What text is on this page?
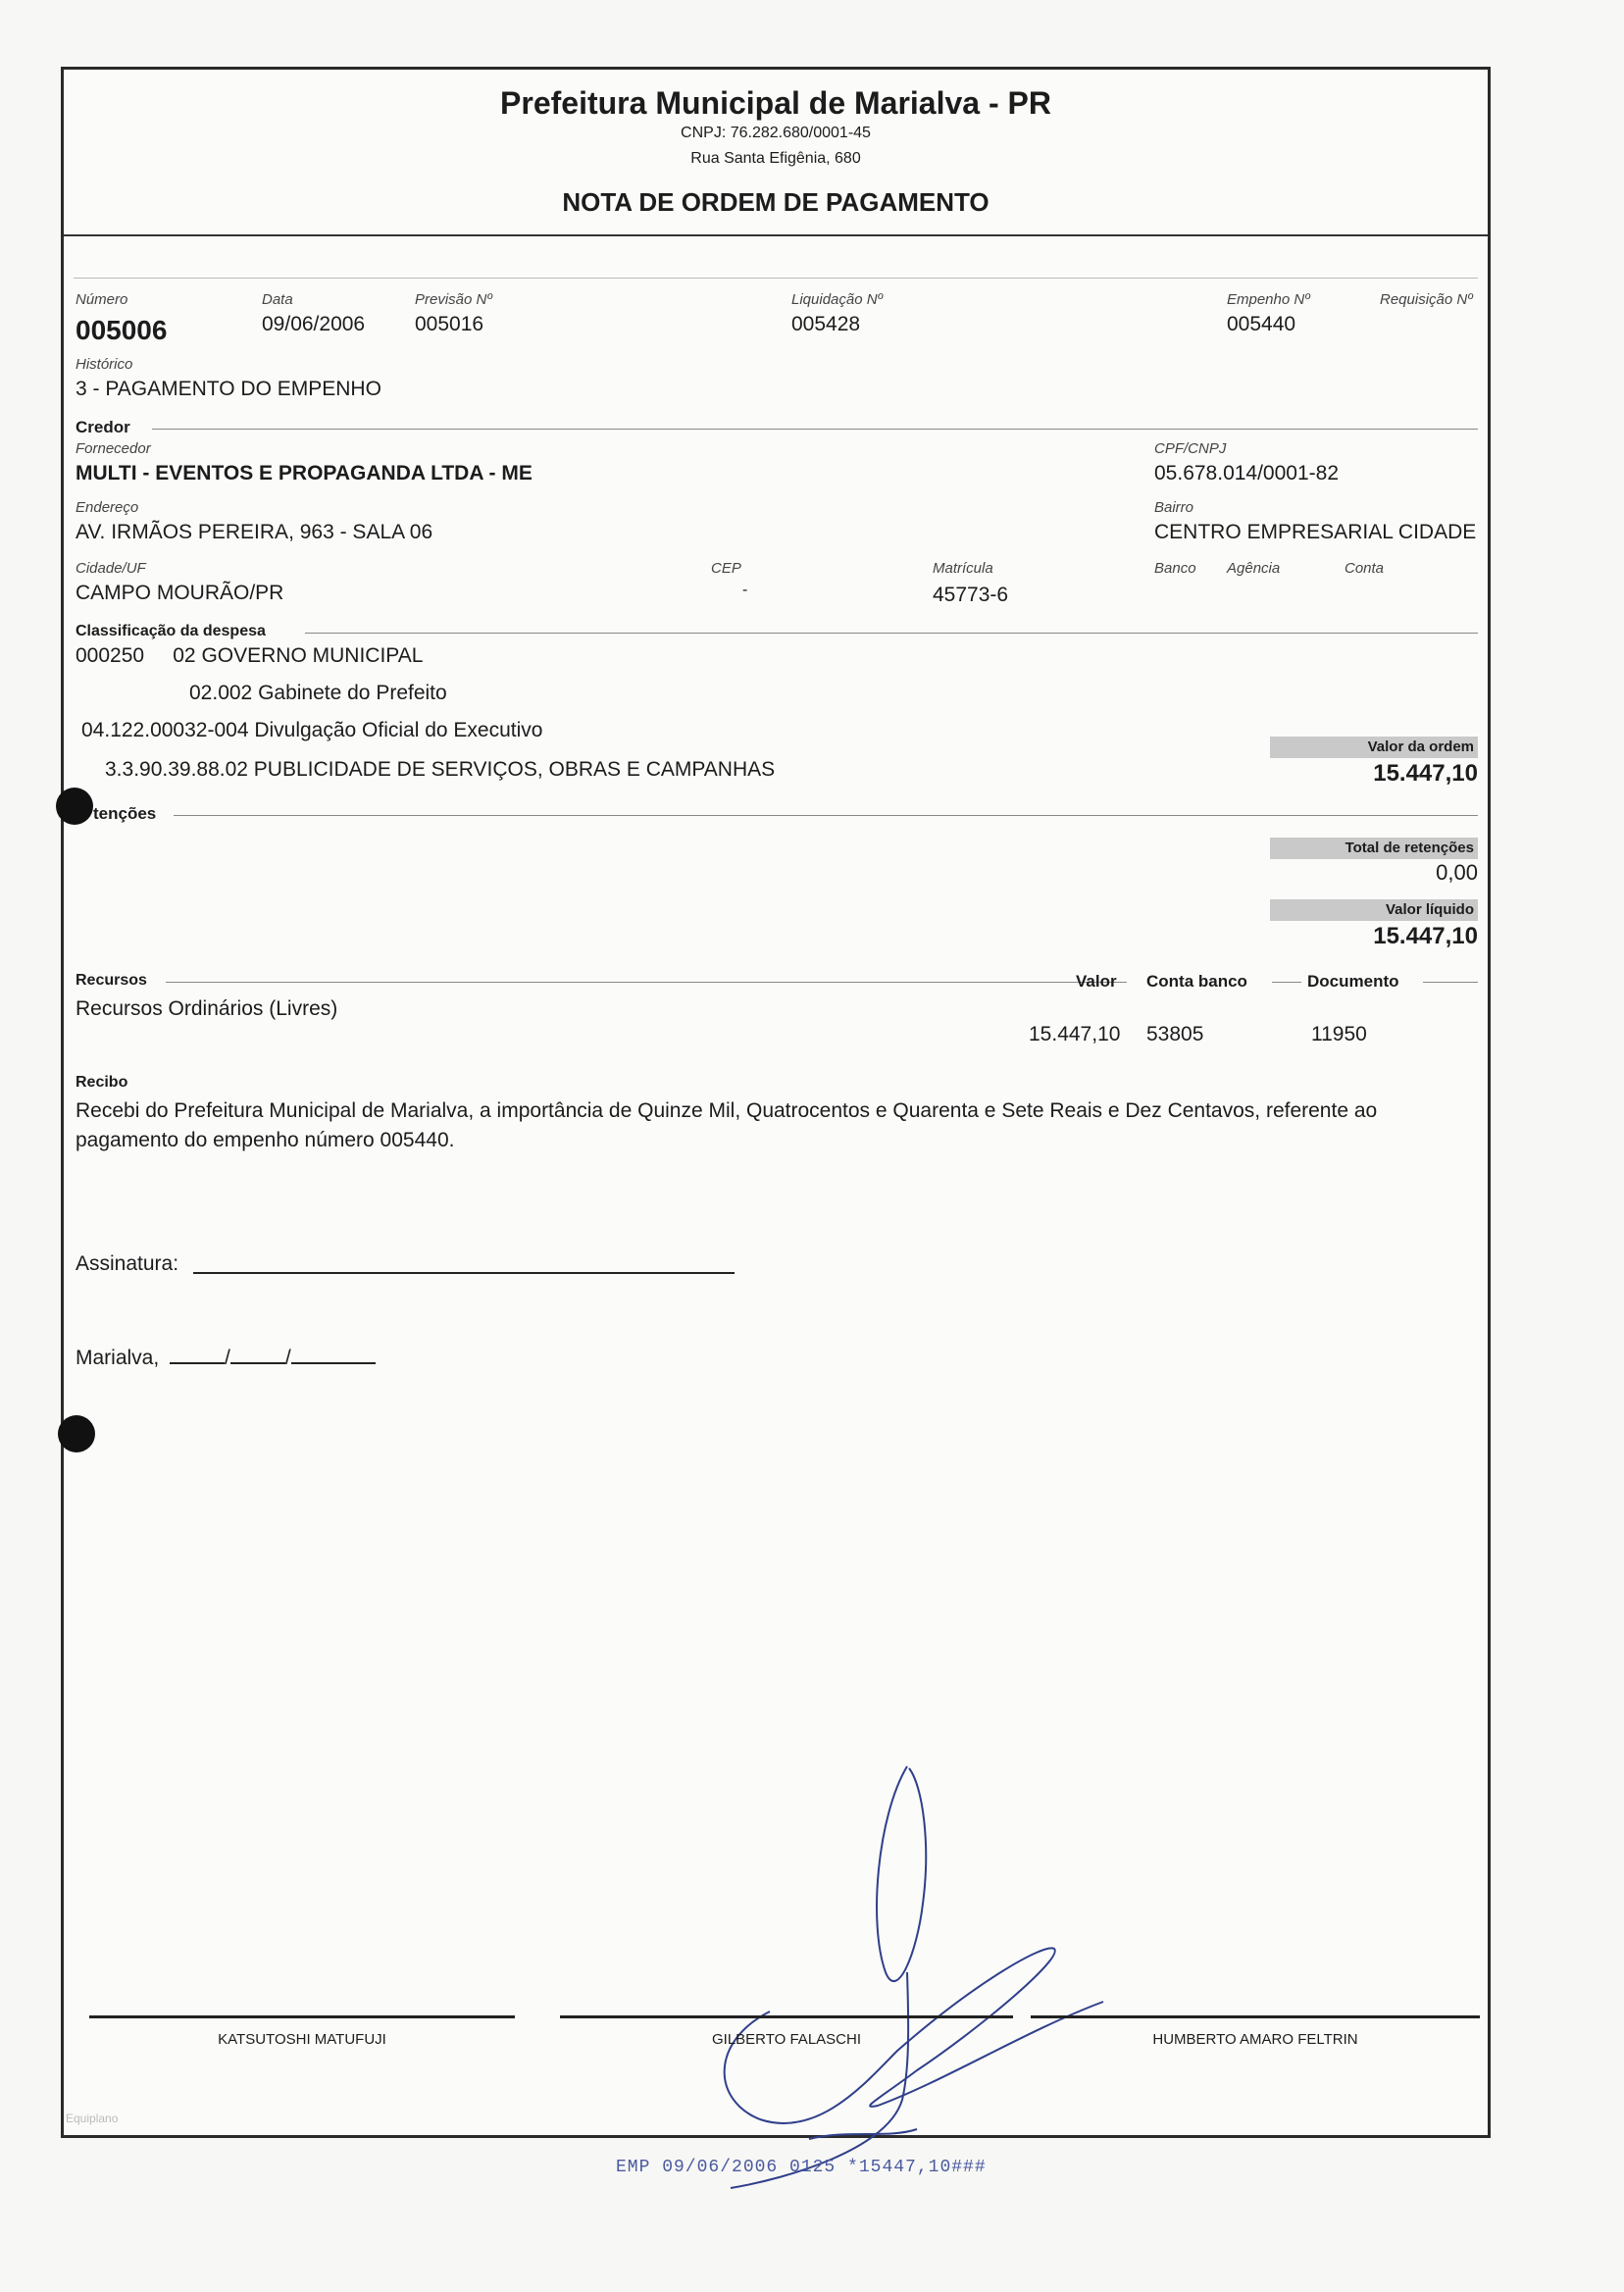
Prefeitura Municipal de Marialva - PR
CNPJ: 76.282.680/0001-45
Rua Santa Efigênia, 680
NOTA DE ORDEM DE PAGAMENTO
Número
005006
Data
09/06/2006
Previsão Nº
005016
Liquidação Nº
005428
Empenho Nº
005440
Requisição Nº
Histórico
3 - PAGAMENTO DO EMPENHO
Credor
Fornecedor
MULTI - EVENTOS E PROPAGANDA LTDA - ME
CPF/CNPJ
05.678.014/0001-82
Endereço
AV. IRMÃOS PEREIRA, 963 - SALA 06
Bairro
CENTRO EMPRESARIAL CIDADE
Cidade/UF
CAMPO MOURÃO/PR
CEP
-
Matrícula
45773-6
Banco Agência	Conta
Classificação da despesa
000250     02 GOVERNO MUNICIPAL
02.002 Gabinete do Prefeito
04.122.00032-004 Divulgação Oficial do Executivo
3.3.90.39.88.02 PUBLICIDADE DE SERVIÇOS, OBRAS E CAMPANHAS
Valor da ordem
15.447,10
tenções
Total de retenções
0,00
Valor líquido
15.447,10
Recursos	Valor Conta banco	Documento
Recursos Ordinários (Livres)
15.447,10 53805	11950
Recibo
Recebi do Prefeitura Municipal de Marialva, a importância de Quinze Mil, Quatrocentos e Quarenta e Sete Reais e Dez Centavos, referente ao
pagamento do empenho número 005440.
Assinatura:
Marialva,	/	/
KATSUTOSHI MATUFUJI	GILBERTO FALASCHI	HUMBERTO AMARO FELTRIN
Equiplano
EMP 09/06/2006 0125 *15447,10###
